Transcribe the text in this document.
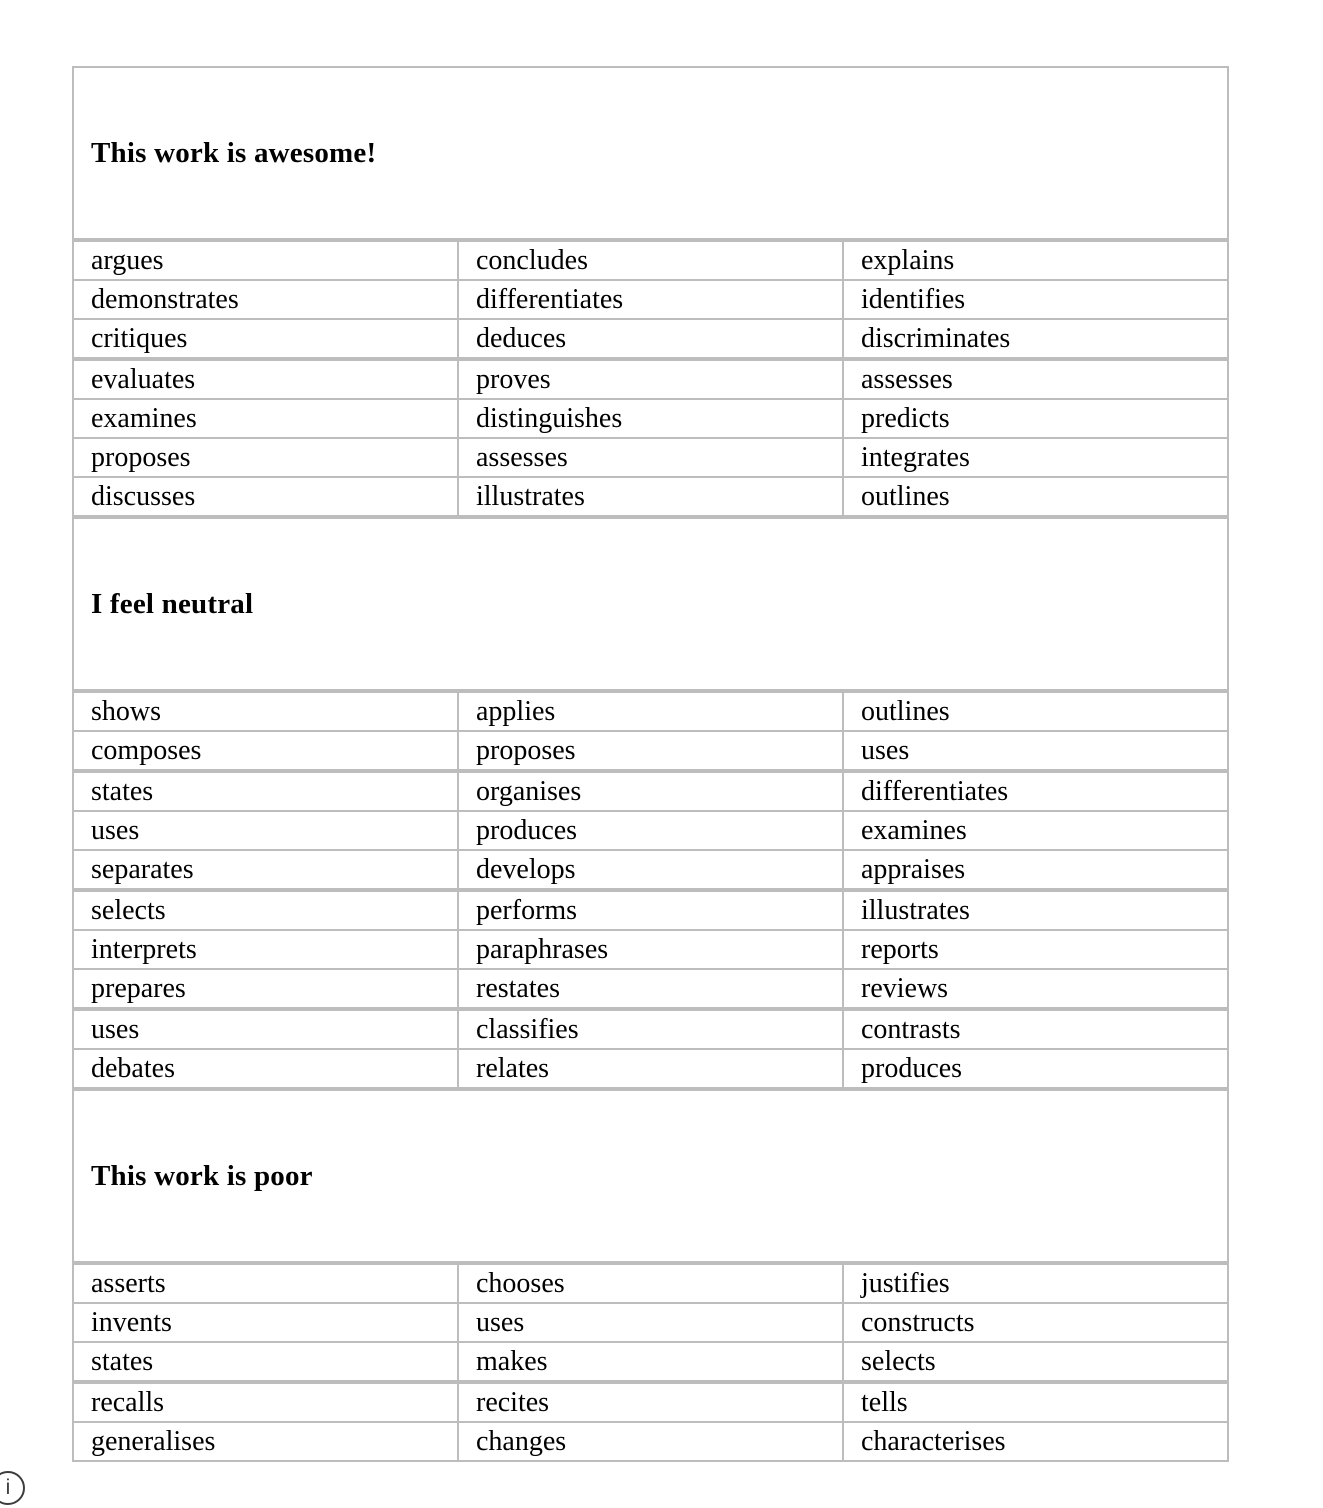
This work is awesome!
argues	concludes	explains
demonstrates	differentiates	identifies
critiques	deduces	discriminates
evaluates	proves	assesses
examines	distinguishes	predicts
proposes	assesses	integrates
discusses	illustrates	outlines
I feel neutral
shows	applies	outlines
composes	proposes	uses
states	organises	differentiates
uses	produces	examines
separates	develops	appraises
selects	performs	illustrates
interprets	paraphrases	reports
prepares	restates	reviews
uses	classifies	contrasts
debates	relates	produces
This work is poor
asserts	chooses	justifies
invents	uses	constructs
states	makes	selects
recalls	recites	tells
generalises	changes	characterises
i
